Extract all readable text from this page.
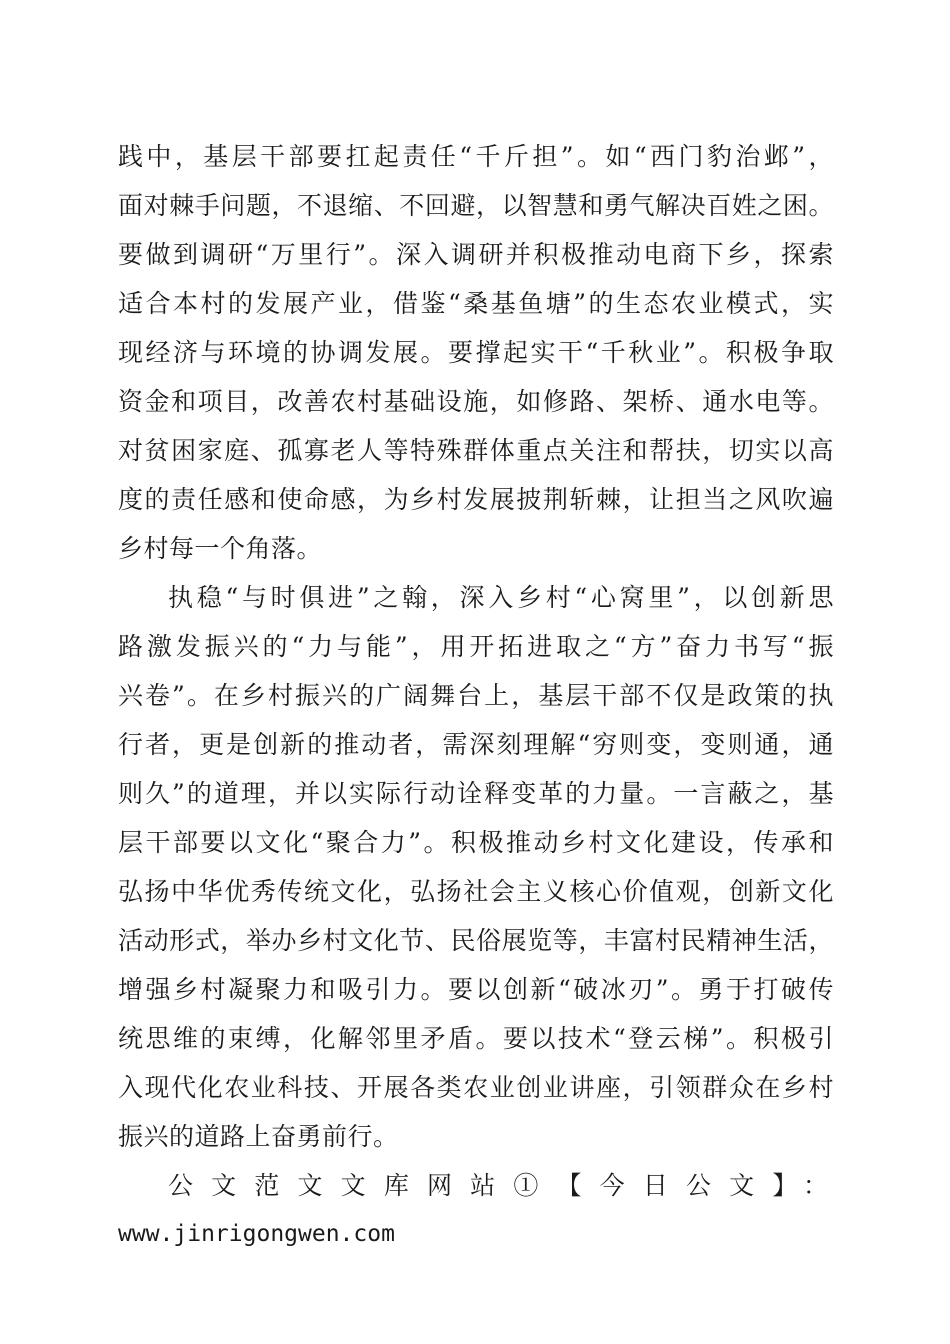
践中，基层干部要扛起责任“千斤担”。如“西门豹治邺”，
面对棘手问题，不退缩、不回避，以智慧和勇气解决百姓之困。
要做到调研“万里行”。深入调研并积极推动电商下乡，探索
适合本村的发展产业，借鉴“桑基鱼塘”的生态农业模式，实
现经济与环境的协调发展。要撑起实干“千秋业”。积极争取
资金和项目，改善农村基础设施，如修路、架桥、通水电等。
对贫困家庭、孤寡老人等特殊群体重点关注和帮扶，切实以高
度的责任感和使命感，为乡村发展披荆斩棘，让担当之风吹遍
乡村每一个角落。
执稳“与时俱进”之翰，深入乡村“心窝里”，以创新思
路激发振兴的“力与能”，用开拓进取之“方”奋力书写“振
兴卷”。在乡村振兴的广阔舞台上，基层干部不仅是政策的执
行者，更是创新的推动者，需深刻理解“穷则变，变则通，通
则久”的道理，并以实际行动诠释变革的力量。一言蔽之，基
层干部要以文化“聚合力”。积极推动乡村文化建设，传承和
弘扬中华优秀传统文化，弘扬社会主义核心价值观，创新文化
活动形式，举办乡村文化节、民俗展览等，丰富村民精神生活，
增强乡村凝聚力和吸引力。要以创新“破冰刃”。勇于打破传
统思维的束缚，化解邻里矛盾。要以技术“登云梯”。积极引
入现代化农业科技、开展各类农业创业讲座，引领群众在乡村
振兴的道路上奋勇前行。
公文范文文库网站①【今日公文】：
www.jinrigongwen.com
